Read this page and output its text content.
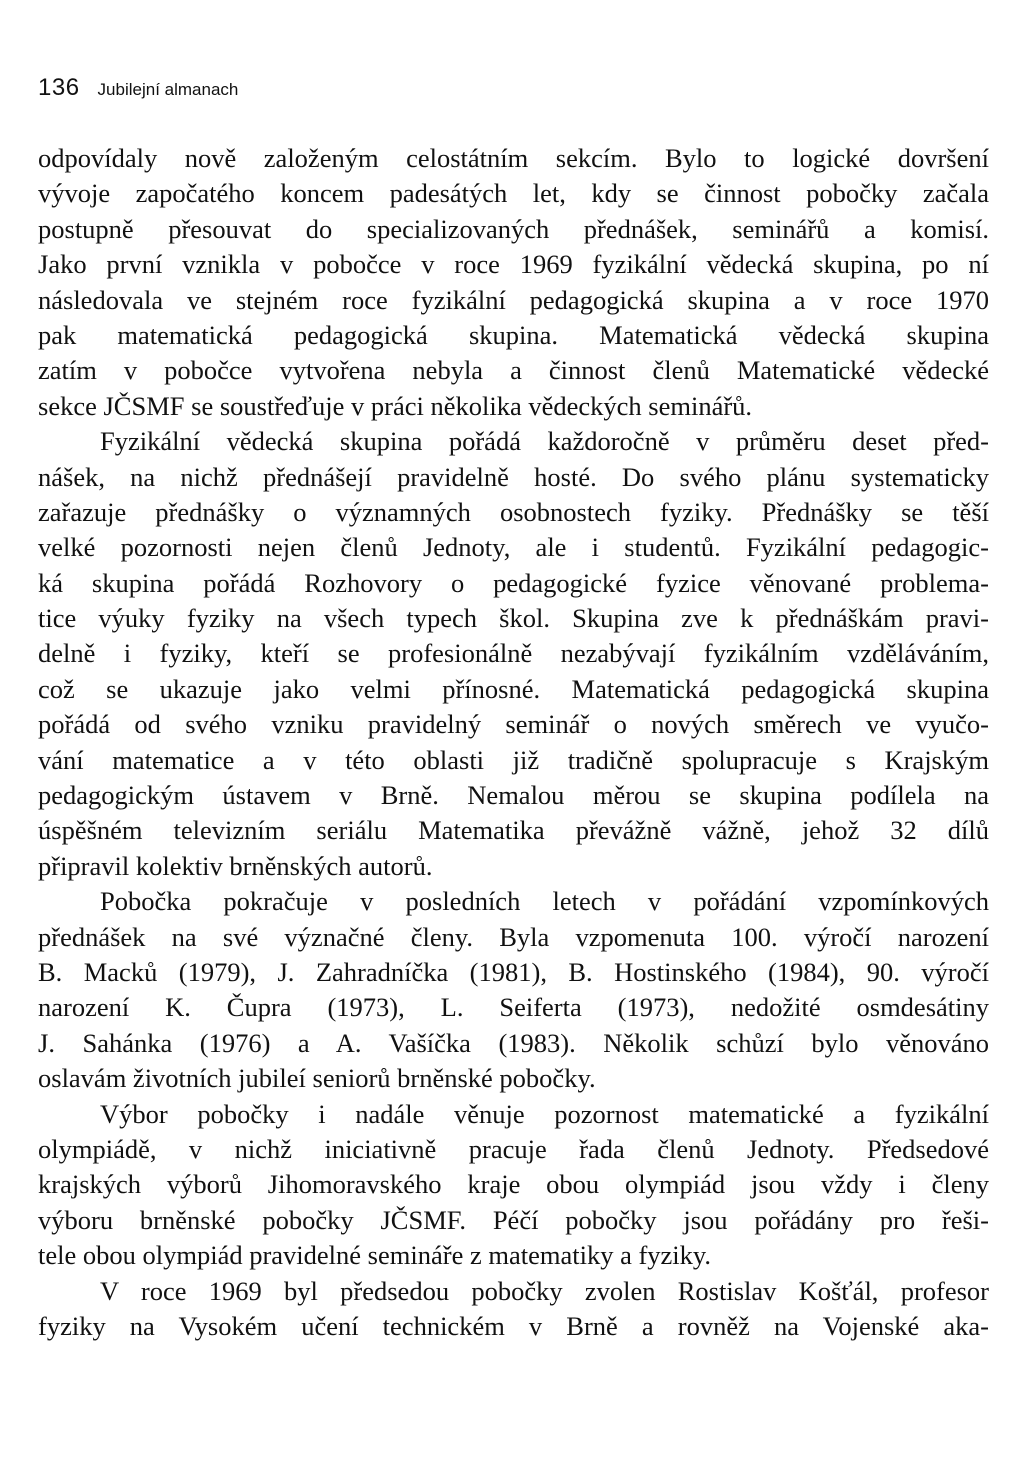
136 Jubilejní almanach
odpovídaly nově založeným celostátním sekcím. Bylo to logické dovršení
vývoje započatého koncem padesátých let, kdy se činnost pobočky začala
postupně přesouvat do specializovaných přednášek, seminářů a komisí.
Jako první vznikla v pobočce v roce 1969 fyzikální vědecká skupina, po ní
následovala ve stejném roce fyzikální pedagogická skupina a v roce 1970
pak matematická pedagogická skupina. Matematická vědecká skupina
zatím v pobočce vytvořena nebyla a činnost členů Matematické vědecké
sekce JČSMF se soustřeďuje v práci několika vědeckých seminářů.
Fyzikální vědecká skupina pořádá každoročně v průměru deset před-
nášek, na nichž přednášejí pravidelně hosté. Do svého plánu systematicky
zařazuje přednášky o významných osobnostech fyziky. Přednášky se těší
velké pozornosti nejen členů Jednoty, ale i studentů. Fyzikální pedagogic-
ká skupina pořádá Rozhovory o pedagogické fyzice věnované problema-
tice výuky fyziky na všech typech škol. Skupina zve k přednáškám pravi-
delně i fyziky, kteří se profesionálně nezabývají fyzikálním vzděláváním,
což se ukazuje jako velmi přínosné. Matematická pedagogická skupina
pořádá od svého vzniku pravidelný seminář o nových směrech ve vyučo-
vání matematice a v této oblasti již tradičně spolupracuje s Krajským
pedagogickým ústavem v Brně. Nemalou měrou se skupina podílela na
úspěšném televizním seriálu Matematika převážně vážně, jehož 32 dílů
připravil kolektiv brněnských autorů.
Pobočka pokračuje v posledních letech v pořádání vzpomínkových
přednášek na své význačné členy. Byla vzpomenuta 100. výročí narození
B. Macků (1979), J. Zahradníčka (1981), B. Hostinského (1984), 90. výročí
narození K. Čupra (1973), L. Seiferta (1973), nedožité osmdesátiny
J. Sahánka (1976) a A. Vašíčka (1983). Několik schůzí bylo věnováno
oslavám životních jubileí seniorů brněnské pobočky.
Výbor pobočky i nadále věnuje pozornost matematické a fyzikální
olympiádě, v nichž iniciativně pracuje řada členů Jednoty. Předsedové
krajských výborů Jihomoravského kraje obou olympiád jsou vždy i členy
výboru brněnské pobočky JČSMF. Péčí pobočky jsou pořádány pro řeši-
tele obou olympiád pravidelné semináře z matematiky a fyziky.
V roce 1969 byl předsedou pobočky zvolen Rostislav Košťál, profesor
fyziky na Vysokém učení technickém v Brně a rovněž na Vojenské aka-
